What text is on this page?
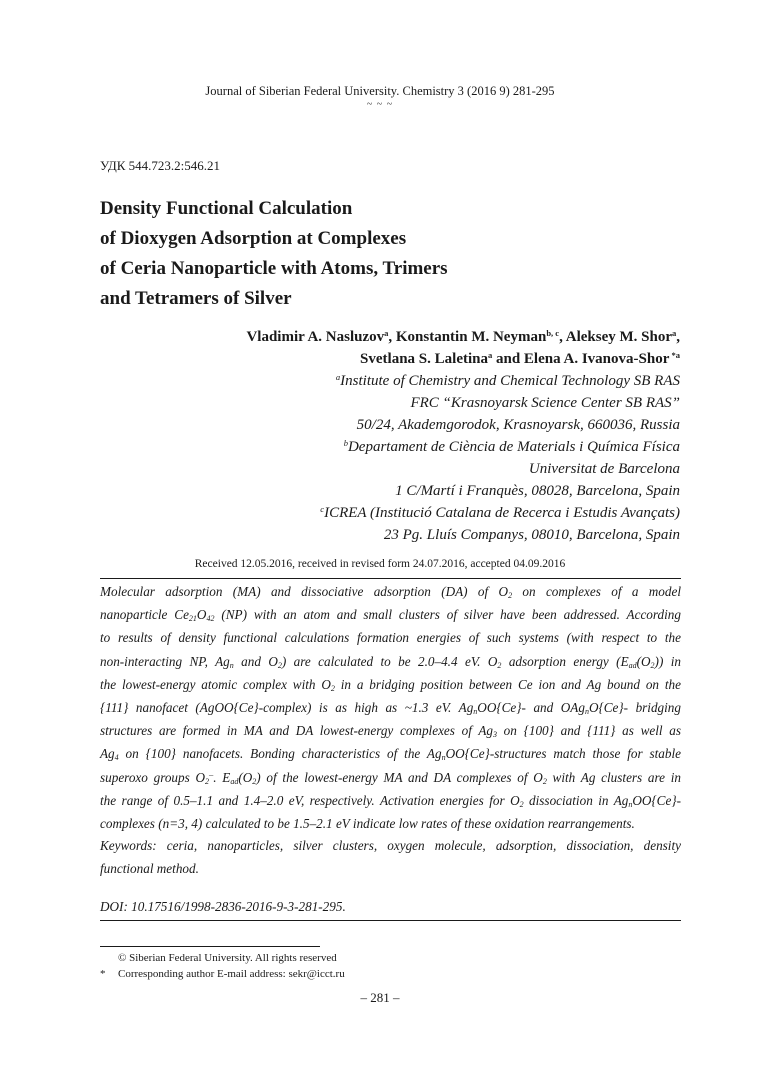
Journal of Siberian Federal University. Chemistry 3 (2016 9) 281-295
~ ~ ~
УДК 544.723.2:546.21
Density Functional Calculation
of Dioxygen Adsorption at Complexes
of Ceria Nanoparticle with Atoms, Trimers
and Tetramers of Silver
Vladimir A. Nasluzov$^a$, Konstantin M. Neyman$^{b, c}$, Aleksey M. Shor$^a$,
Svetlana S. Laletina$^a$ and Elena A. Ivanova-Shor $^{*a}$
$^a$Institute of Chemistry and Chemical Technology SB RAS
FRC “Krasnoyarsk Science Center SB RAS”
50/24, Akademgorodok, Krasnoyarsk, 660036, Russia
$^b$Departament de Ciència de Materials i Química Física
Universitat de Barcelona
1 C/Martí i Franquès, 08028, Barcelona, Spain
$^c$ICREA (Institució Catalana de Recerca i Estudis Avançats)
23 Pg. Lluís Companys, 08010, Barcelona, Spain
Received 12.05.2016, received in revised form 24.07.2016, accepted 04.09.2016
Molecular adsorption (MA) and dissociative adsorption (DA) of $O_2$ on complexes of a model
nanoparticle $Ce_{21}O_{42}$ (NP) with an atom and small clusters of silver have been addressed. According
to results of density functional calculations formation energies of such systems (with respect to the
non-interacting NP, $Ag_n$ and $O_2$) are calculated to be 2.0–4.4 eV. $O_2$ adsorption energy $(E_{ad}(O_2))$ in
the lowest-energy atomic complex with $O_2$ in a bridging position between Ce ion and Ag bound on the
{111} nanofacet (AgOO{Ce}-complex) is as high as ~1.3 eV. $Ag_nOO\{Ce\}-$ and OAg$_n$O{Ce}- bridging
structures are formed in MA and DA lowest-energy complexes of $Ag_3$ on {100} and {111} as well as
$Ag_4$ on {100} nanofacets. Bonding characteristics of the $Ag_nOO\{Ce\}$-structures match those for stable
superoxo groups $O_2^-$. $E_{ad}(O_2)$ of the lowest-energy MA and DA complexes of $O_2$ with Ag clusters are in
the range of 0.5–1.1 and 1.4–2.0 eV, respectively. Activation energies for $O_2$ dissociation in $Ag_nOO\{Ce\}-$
complexes (n=3, 4) calculated to be 1.5–2.1 eV indicate low rates of these oxidation rearrangements.
Keywords: ceria, nanoparticles, silver clusters, oxygen molecule, adsorption, dissociation, density
functional method.
DOI: 10.17516/1998-2836-2016-9-3-281-295.
© Siberian Federal University. All rights reserved
* Corresponding author E-mail address: sekr@icct.ru
– 281 –
